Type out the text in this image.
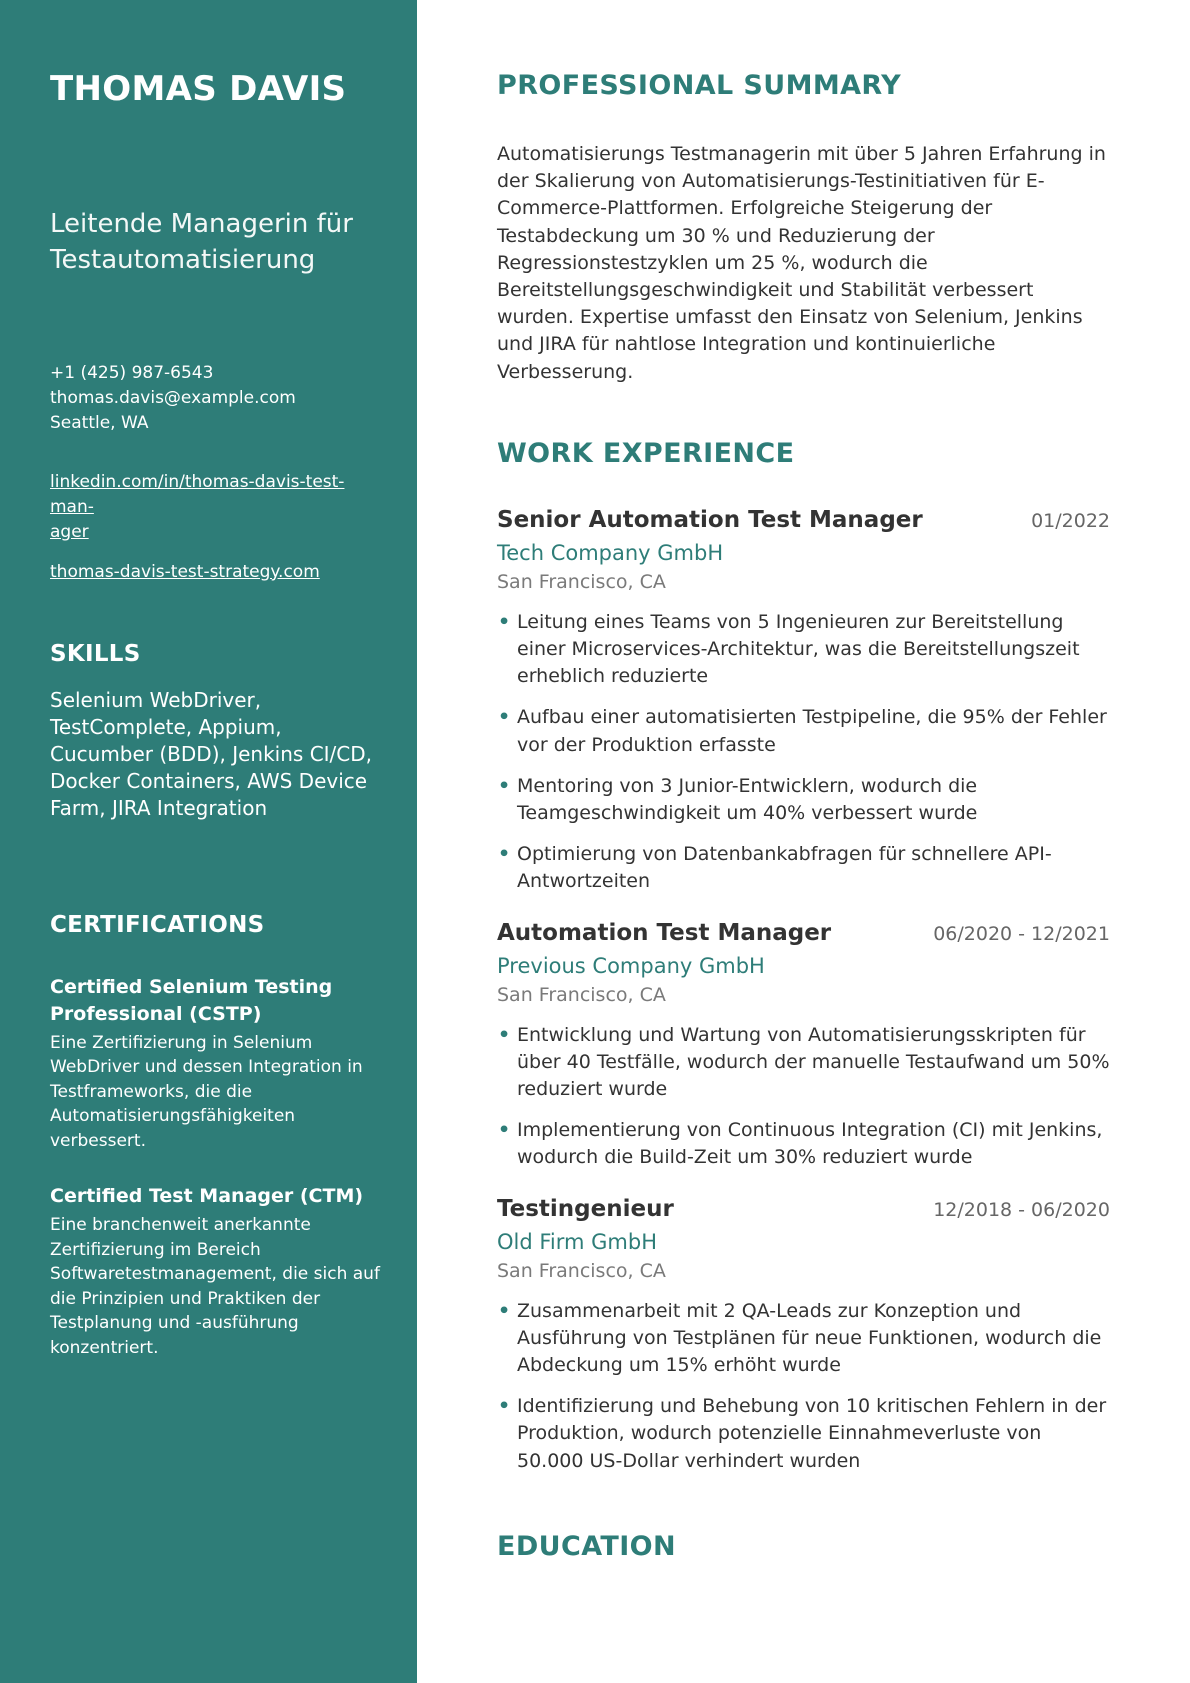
THOMAS DAVIS
Leitende Managerin für
Testautomatisierung
+1 (425) 987-6543
thomas.davis@example.com
Seattle, WA
linkedin.com/in/thomas-davis-test-man-
ager
thomas-davis-test-strategy.com
SKILLS
Selenium WebDriver, TestComplete, Appium, Cucumber (BDD), Jenkins CI/CD, Docker Containers, AWS Device Farm, JIRA Integration
CERTIFICATIONS
Certified Selenium Testing Professional (CSTP)
Eine Zertifizierung in Selenium WebDriver und dessen Integration in Testframeworks, die die Automatisierungsfähigkeiten verbessert.
Certified Test Manager (CTM)
Eine branchenweit anerkannte Zertifizierung im Bereich Softwaretestmanagement, die sich auf die Prinzipien und Praktiken der Testplanung und -ausführung konzentriert.
PROFESSIONAL SUMMARY

Automatisierungs Testmanagerin mit über 5 Jahren Erfahrung in der Skalierung von Automatisierungs-Testinitiativen für E-Commerce-Plattformen. Erfolgreiche Steigerung der Testabdeckung um 30 % und Reduzierung der Regressionstestzyklen um 25 %, wodurch die Bereitstellungsgeschwindigkeit und Stabilität verbessert wurden. Expertise umfasst den Einsatz von Selenium, Jenkins und JIRA für nahtlose Integration und kontinuierliche Verbesserung.

WORK EXPERIENCE
Senior Automation Test Manager	01/2022
Tech Company GmbH
San Francisco, CA
• Leitung eines Teams von 5 Ingenieuren zur Bereitstellung einer Microservices-Architektur, was die Bereitstellungszeit erheblich reduzierte
• Aufbau einer automatisierten Testpipeline, die 95% der Fehler vor der Produktion erfasste
• Mentoring von 3 Junior-Entwicklern, wodurch die Teamgeschwindigkeit um 40% verbessert wurde
• Optimierung von Datenbankabfragen für schnellere API-Antwortzeiten
Automation Test Manager	06/2020 - 12/2021
Previous Company GmbH
San Francisco, CA
• Entwicklung und Wartung von Automatisierungsskripten für über 40 Testfälle, wodurch der manuelle Testaufwand um 50% reduziert wurde
• Implementierung von Continuous Integration (CI) mit Jenkins, wodurch die Build-Zeit um 30% reduziert wurde
Testingenieur	12/2018 - 06/2020
Old Firm GmbH
San Francisco, CA
• Zusammenarbeit mit 2 QA-Leads zur Konzeption und Ausführung von Testplänen für neue Funktionen, wodurch die Abdeckung um 15% erhöht wurde
• Identifizierung und Behebung von 10 kritischen Fehlern in der Produktion, wodurch potenzielle Einnahmeverluste von 50.000 US-Dollar verhindert wurden
EDUCATION
